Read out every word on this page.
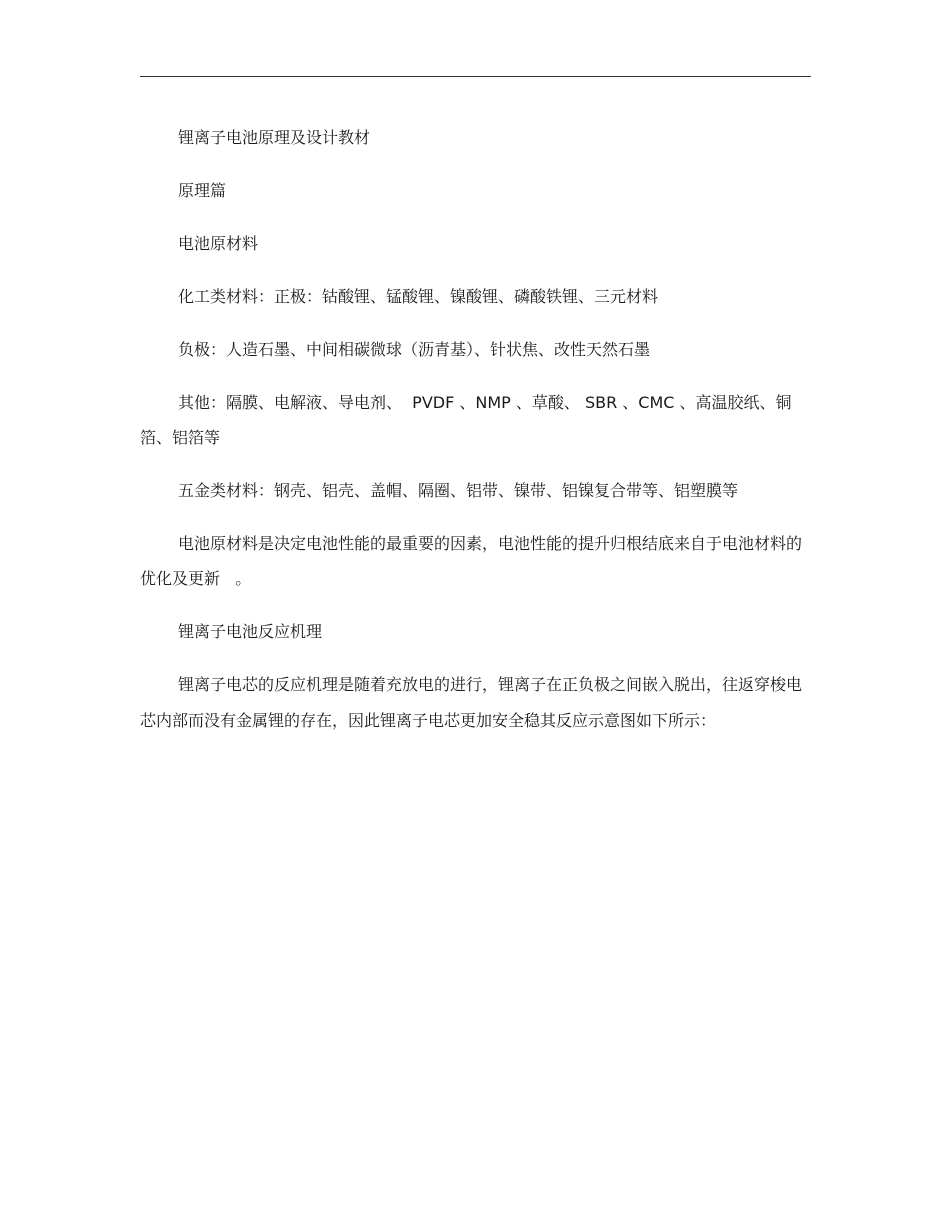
锂离子电池原理及设计教材

原理篇

电池原材料

化工类材料：正极：钴酸锂、锰酸锂、镍酸锂、磷酸铁锂、三元材料

负极：人造石墨、中间相碳微球（沥青基）、针状焦、改性天然石墨

其他：隔膜、电解液、导电剂、  PVDF 、NMP 、草酸、 SBR 、CMC 、高温胶纸、铜箔、铝箔等

五金类材料：钢壳、铝壳、盖帽、隔圈、铝带、镍带、铝镍复合带等、铝塑膜等

电池原材料是决定电池性能的最重要的因素，电池性能的提升归根结底来自于电池材料的优化及更新   。

锂离子电池反应机理

锂离子电芯的反应机理是随着充放电的进行，锂离子在正负极之间嵌入脱出，往返穿梭电芯内部而没有金属锂的存在，因此锂离子电芯更加安全稳其反应示意图如下所示：
